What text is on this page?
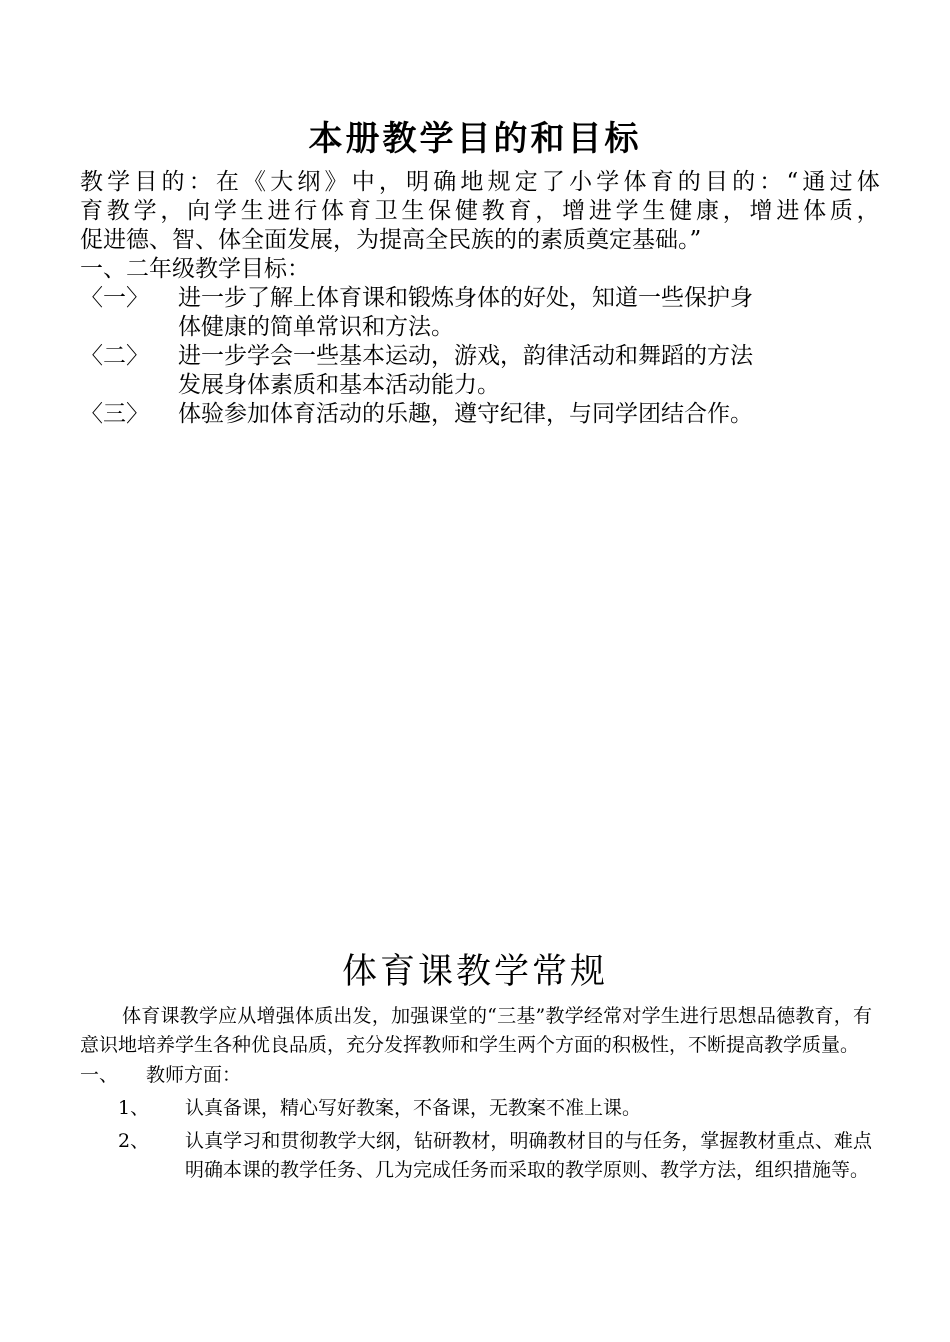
本册教学目的和目标
教 学 目 的 ： 在 《 大 纲 》 中 ， 明 确 地 规 定 了 小 学 体 育 的 目 的 ： “ 通 过 体
育 教 学 ， 向 学 生 进 行 体 育 卫 生 保 健 教 育 ， 增 进 学 生 健 康 ， 增 进 体 质 ，
促进德、智、体全面发展，为提高全民族的的素质奠定基础。”
一、二年级教学目标：
〈一〉	进一步了解上体育课和锻炼身体的好处，知道一些保护身
体健康的简单常识和方法。
〈二〉	进一步学会一些基本运动，游戏，韵律活动和舞蹈的方法
发展身体素质和基本活动能力。
〈三〉	体验参加体育活动的乐趣，遵守纪律，与同学团结合作。
体育课教学常规
体育课教学应从增强体质出发，加强课堂的“三基”教学经常对学生进行思想品德教育，有意识地培养学生各种优良品质，充分发挥教师和学生两个方面的积极性，不断提高教学质量。
一、	教师方面：
1、	认真备课，精心写好教案，不备课，无教案不准上课。
2、	认真学习和贯彻教学大纲，钻研教材，明确教材目的与任务，掌握教材重点、难点明确本课的教学任务、几为完成任务而采取的教学原则、教学方法，组织措施等。
